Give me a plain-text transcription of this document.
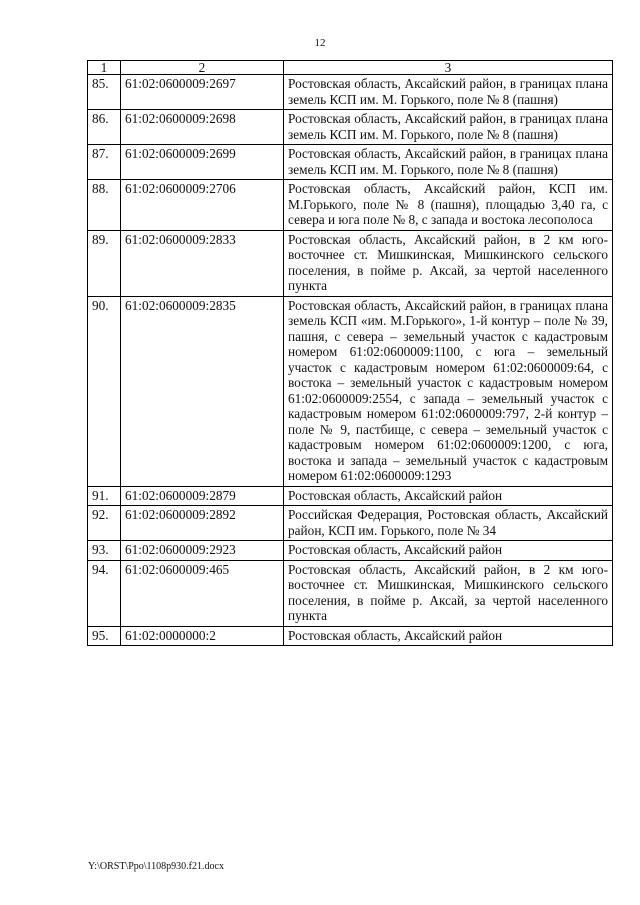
12
1	2	3
85.	61:02:0600009:2697	Ростовская область, Аксайский район, в границах плана земель КСП им. М. Горького, поле № 8 (пашня)
86.	61:02:0600009:2698	Ростовская область, Аксайский район, в границах плана земель КСП им. М. Горького, поле № 8 (пашня)
87.	61:02:0600009:2699	Ростовская область, Аксайский район, в границах плана земель КСП им. М. Горького, поле № 8 (пашня)
88.	61:02:0600009:2706	Ростовская область, Аксайский район, КСП им. М.Горького, поле № 8 (пашня), площадью 3,40 га, с севера и юга поле № 8, с запада и востока лесополоса
89.	61:02:0600009:2833	Ростовская область, Аксайский район, в 2 км юго-восточнее ст. Мишкинская, Мишкинского сельского поселения, в пойме р. Аксай, за чертой населенного пункта
90.	61:02:0600009:2835	Ростовская область, Аксайский район, в границах плана земель КСП «им. М.Горького», 1-й контур – поле № 39, пашня, с севера – земельный участок с кадастровым номером 61:02:0600009:1100, с юга – земельный участок с кадастровым номером 61:02:0600009:64, с востока – земельный участок с кадастровым номером 61:02:0600009:2554, с запада – земельный участок с кадастровым номером 61:02:0600009:797, 2-й контур – поле № 9, пастбище, с севера – земельный участок с кадастровым номером 61:02:0600009:1200, с юга, востока и запада – земельный участок с кадастровым номером 61:02:0600009:1293
91.	61:02:0600009:2879	Ростовская область, Аксайский район
92.	61:02:0600009:2892	Российская Федерация, Ростовская область, Аксайский район, КСП им. Горького, поле № 34
93.	61:02:0600009:2923	Ростовская область, Аксайский район
94.	61:02:0600009:465	Ростовская область, Аксайский район, в 2 км юго-восточнее ст. Мишкинская, Мишкинского сельского поселения, в пойме р. Аксай, за чертой населенного пункта
95.	61:02:0000000:2	Ростовская область, Аксайский район
Y:\ORST\Ppo\1108p930.f21.docx
